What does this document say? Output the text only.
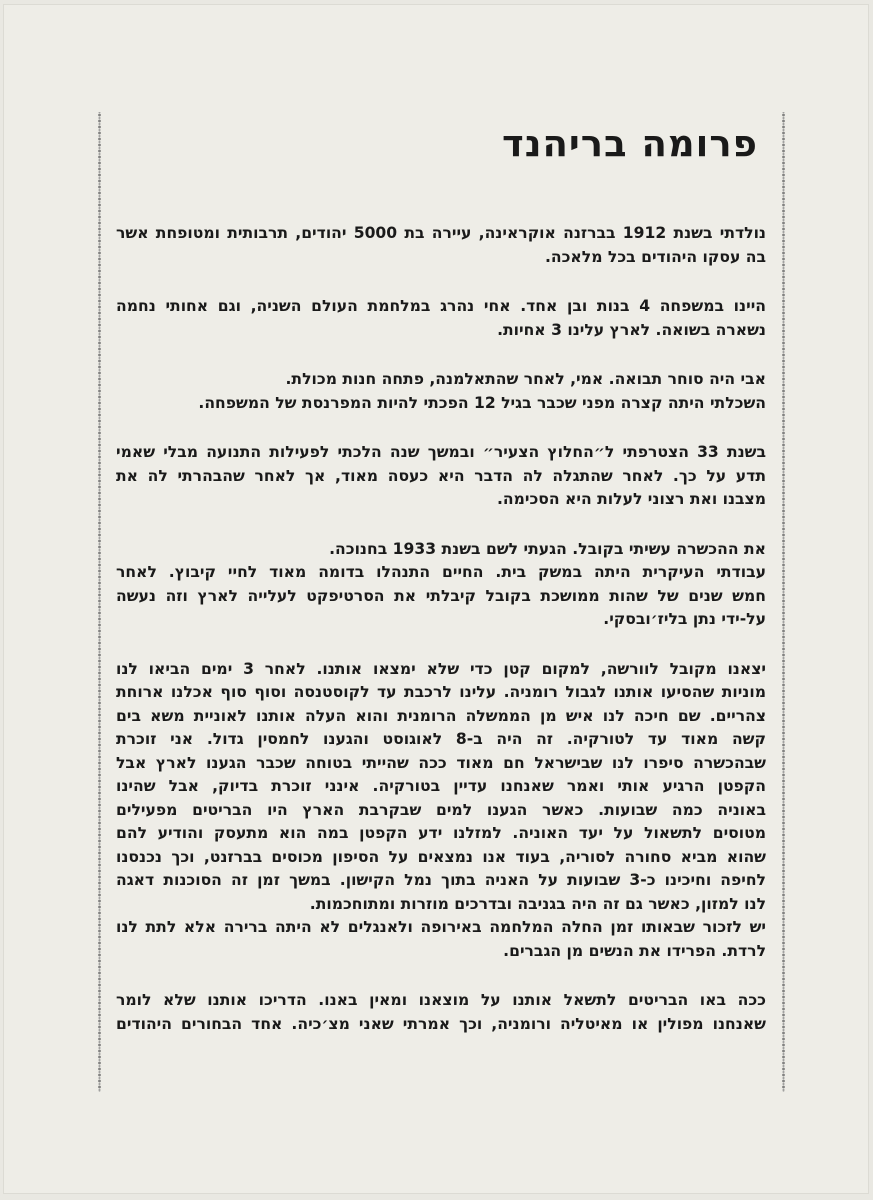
פרומה בריהנד
נולדתי בשנת 1912 בברזנה אוקראינה, עיירה בת 5000 יהודים, תרבותית ומטופחת אשר
בה עסקו היהודים בכל מלאכה.
היינו במשפחה 4 בנות ובן אחד. אחי נהרג במלחמת העולם השניה, וגם אחותי נחמה
נשארה בשואה. לארץ עלינו 3 אחיות.
אבי היה סוחר תבואה. אמי, לאחר שהתאלמנה, פתחה חנות מכולת.
השכלתי היתה קצרה מפני שכבר בגיל 12 הפכתי להיות המפרנסת של המשפחה.
בשנת 33 הצטרפתי ל״החלוץ הצעיר״ ובמשך שנה הלכתי לפעילות התנועה מבלי שאמי
תדע על כך. לאחר שהתגלה לה הדבר היא כעסה מאוד, אך לאחר שהבהרתי לה את
מצבנו ואת רצוני לעלות היא הסכימה.
את ההכשרה עשיתי בקובל. הגעתי לשם בשנת 1933 בחנוכה.
עבודתי העיקרית היתה במשק בית. החיים התנהלו בדומה מאוד לחיי קיבוץ. לאחר
חמש שנים של שהות ממושכת בקובל קיבלתי את הסרטיפקט לעלייה לארץ וזה נעשה
על-ידי נתן בליז׳ובסקי.
יצאנו מקובל לוורשה, למקום קטן כדי שלא ימצאו אותנו. לאחר 3 ימים הביאו לנו
מוניות שהסיעו אותנו לגבול רומניה. עלינו לרכבת עד לקוסטנסה וסוף סוף אכלנו ארוחת
צהריים. שם חיכה לנו איש מן הממשלה הרומנית והוא העלה אותנו לאוניית משא בים
קשה מאוד עד לטורקיה. זה היה ב-8 לאוגוסט והגענו לחמסין גדול. אני זוכרת
שבהכשרה סיפרו לנו שבישראל חם מאוד ככה שהייתי בטוחה שכבר הגענו לארץ אבל
הקפטן הרגיע אותי ואמר שאנחנו עדיין בטורקיה. אינני זוכרת בדיוק, אבל שהינו
באוניה כמה שבועות. כאשר הגענו למים שבקרבת הארץ היו הבריטים מפעילים
מטוסים לתשאול על יעד האוניה. למזלנו ידע הקפטן במה הוא מתעסק והודיע להם
שהוא מביא סחורה לסוריה, בעוד אנו נמצאים על הסיפון מכוסים בברזנט, וכך נכנסנו
לחיפה וחיכינו כ-3 שבועות על האניה בתוך נמל הקישון. במשך זמן זה הסוכנות דאגה
לנו למזון, כאשר גם זה היה בגניבה ובדרכים מוזרות ומתוחכמות.
יש לזכור שבאותו זמן החלה המלחמה באירופה ולאנגלים לא היתה ברירה אלא לתת לנו
לרדת. הפרידו את הנשים מן הגברים.
ככה באו הבריטים לתשאל אותנו על מוצאנו ומאין באנו. הדריכו אותנו שלא לומר
שאנחנו מפולין או מאיטליה ורומניה, וכך אמרתי שאני מצ׳כיה. אחד הבחורים היהודים
